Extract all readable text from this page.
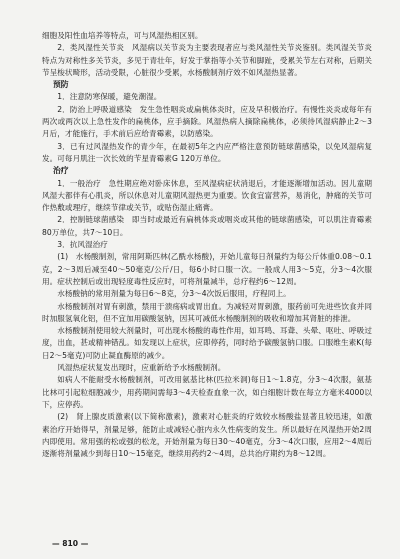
细胞及阳性血培养等特点，可与风湿热相区别。

2．类风湿性关节炎　风湿病以关节炎为主要表现者应与类风湿性关节炎鉴别。类风湿关节炎特点为对称性多关节炎，多见于青壮年，好发于掌指等小关节和脚趾，受累关节左右对称，后期关节呈梭状畸形，活动受限，心脏很少受累，水杨酸制剂疗效不如风湿热显著。

预防

1．注意防寒保暖，避免潮湿。

2．防治上呼吸道感染　发生急性咽炎或扁桃体炎时，应及早积极治疗。有慢性炎炎或每年有两次或两次以上急性发作的扁桃体，应手摘除。风湿热病人摘除扁桃体，必须待风湿病静止2～3月后，才能施行，手术前后应给青霉素，以防感染。

3．已有过风湿热发作的青少年，在最初5年之内应严格注意预防链球菌感染，以免风湿病复发。可每月肌注一次长效的苄星青霉素G 120万单位。

治疗

1．一般治疗　急性期应绝对卧床休息，至风湿病症状消退后，才能逐渐增加活动。因儿童期风湿大都伴有心肌炎，所以休息对儿童期风湿热更为重要。饮食宜富营养，易消化，肿痛的关节可作热敷或理疗，继续节律或关节，或贴伤湿止痛膏。

2．控制链球菌感染　即当时或最近有扁桃体炎或咽炎或其他的链球菌感染，可以肌注青霉素80万单位，共7～10日。

3．抗风湿治疗

(1)　水杨酸制剂，常用阿斯匹林(乙酰水杨酸)，开始儿童每日剂量约为每公斤体重0.08～0.1克，2～3周后减至40～50毫克/公斤/日，每6小时口服一次。一般成人用3～5克，分3～4次服用。症状控制后或出现轻度毒性反应时，可将剂量减半，总疗程约6～12周。

水杨酸钠的常用剂量为每日6～8克，分3～4次饭后服用，疗程同上。

水杨酸制剂对胃有刺激，禁用于溃疡病或胃出血。为减轻对胃刺激，服药前可先进些饮食并同时加服氢氧化铝，但不宜加用碳酸氢钠，因其可减低水杨酸制剂的吸收和增加其肾脏的排泄。

水杨酸制剂使用较大剂量时，可出现水杨酸的毒性作用，如耳鸣、耳聋、头晕、呕吐、呼吸过度，出血，甚或精神错乱。如发现以上症状，应即停药，同时给予碳酸氢钠口服。口服维生素K(每日2～5毫克)可防止凝血酶原的减少。

风湿热症状复发出现时，应重新给予水杨酸制剂。

如病人不能耐受水杨酸制剂，可改用氨基比林(匹拉米洞)每日1～1.8克，分3～4次服，氨基比林可引起粒细胞减少，用药期间需每3～4天检查血象一次，如白细胞计数在每立方毫米4000以下，应停药。

(2)　肾上腺皮质激素(以下简称激素)，激素对心脏炎的疗效较水杨酸盐显著且较迅速，如激素治疗开始得早，剂量足够，能防止或减轻心脏内永久性病变的发生。所以最好在风湿热开始2周内即使用。常用强的松或强的松龙，开始剂量为每日30～40毫克，分3～4次口服，应用2～4周后逐渐将剂量减少到每日10～15毫克，继续用药约2～4周，总共治疗期约为8～12周。

— 810 —
